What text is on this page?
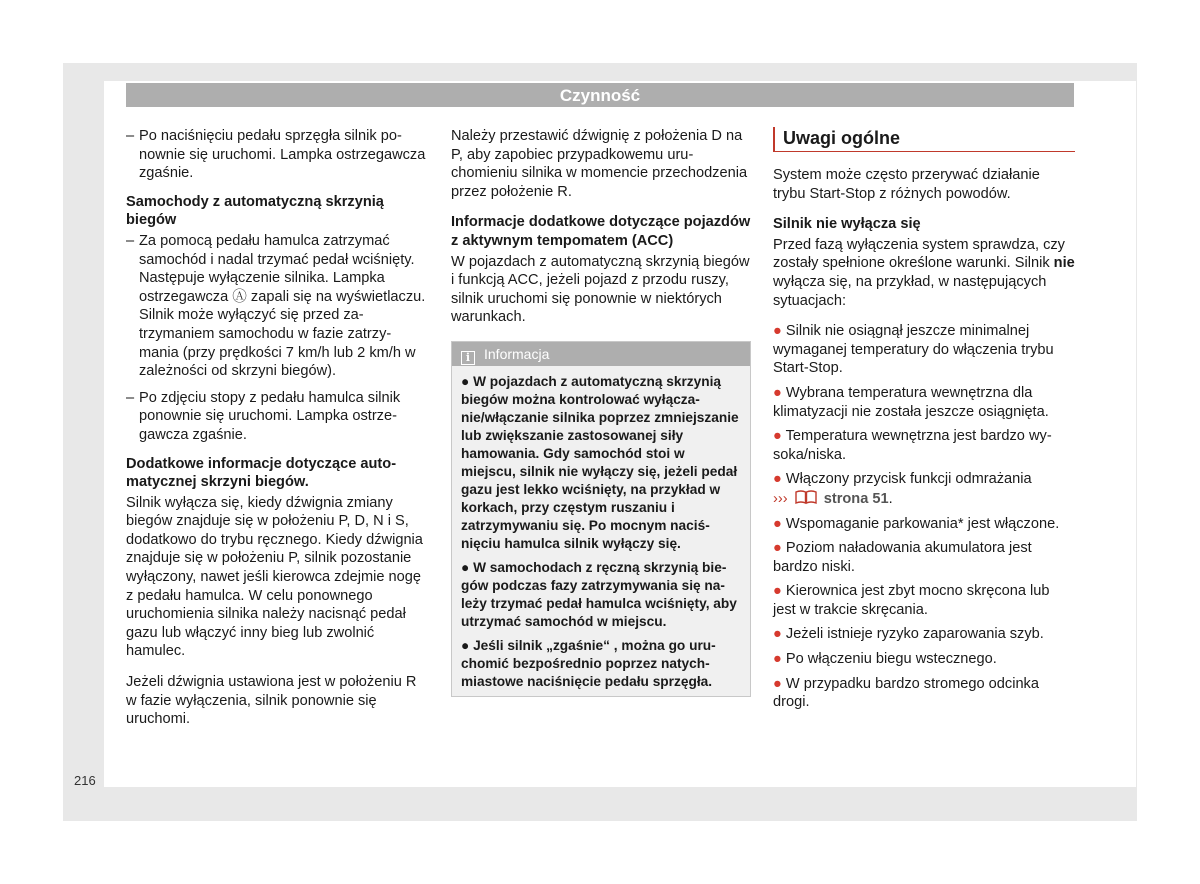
Czynność

– Po naciśnięciu pedału sprzęgła silnik ponownie się uruchomi. Lampka ostrzegawcza zgaśnie.

Samochody z automatyczną skrzynią biegów

– Za pomocą pedału hamulca zatrzymać samochód i nadal trzymać pedał wciśnięty. Następuje wyłączenie silnika. Lampka ostrzegawcza Ⓐ zapali się na wyświetlaczu. Silnik może wyłączyć się przed zatrzymaniem samochodu w fazie zatrzymania (przy prędkości 7 km/h lub 2 km/h w zależności od skrzyni biegów).

– Po zdjęciu stopy z pedału hamulca silnik ponownie się uruchomi. Lampka ostrzegawcza zgaśnie.

Dodatkowe informacje dotyczące automatycznej skrzyni biegów.

Silnik wyłącza się, kiedy dźwignia zmiany biegów znajduje się w położeniu P, D, N i S, dodatkowo do trybu ręcznego. Kiedy dźwignia znajduje się w położeniu P, silnik pozostanie wyłączony, nawet jeśli kierowca zdejmie nogę z pedału hamulca. W celu ponownego uruchomienia silnika należy nacisnąć pedał gazu lub włączyć inny bieg lub zwolnić hamulec.

Jeżeli dźwignia ustawiona jest w położeniu R w fazie wyłączenia, silnik ponownie się uruchomi.

Należy przestawić dźwignię z położenia D na P, aby zapobiec przypadkowemu uruchomieniu silnika w momencie przechodzenia przez położenie R.

Informacje dodatkowe dotyczące pojazdów z aktywnym tempomatem (ACC)

W pojazdach z automatyczną skrzynią biegów i funkcją ACC, jeżeli pojazd z przodu ruszy, silnik uruchomi się ponownie w niektórych warunkach.

i Informacja

● W pojazdach z automatyczną skrzynią biegów można kontrolować wyłączanie/włączanie silnika poprzez zmniejszanie lub zwiększanie zastosowanej siły hamowania. Gdy samochód stoi w miejscu, silnik nie wyłączy się, jeżeli pedał gazu jest lekko wciśnięty, na przykład w korkach, przy częstym ruszaniu i zatrzymywaniu się. Po mocnym naciśnięciu hamulca silnik wyłączy się.

● W samochodach z ręczną skrzynią biegów podczas fazy zatrzymywania się należy trzymać pedał hamulca wciśnięty, aby utrzymać samochód w miejscu.

● Jeśli silnik „zgaśnie“ , można go uruchomić bezpośrednio poprzez natychmiastowe naciśnięcie pedału sprzęgła.

Uwagi ogólne

System może często przerywać działanie trybu Start-Stop z różnych powodów.

Silnik nie wyłącza się

Przed fazą wyłączenia system sprawdza, czy zostały spełnione określone warunki. Silnik nie wyłącza się, na przykład, w następujących sytuacjach:

● Silnik nie osiągnął jeszcze minimalnej wymaganej temperatury do włączenia trybu Start-Stop.

● Wybrana temperatura wewnętrzna dla klimatyzacji nie została jeszcze osiągnięta.

● Temperatura wewnętrzna jest bardzo wysoka/niska.

● Włączony przycisk funkcji odmrażania
››› strona 51.

● Wspomaganie parkowania* jest włączone.

● Poziom naładowania akumulatora jest bardzo niski.

● Kierownica jest zbyt mocno skręcona lub jest w trakcie skręcania.

● Jeżeli istnieje ryzyko zaparowania szyb.

● Po włączeniu biegu wstecznego.

● W przypadku bardzo stromego odcinka drogi.

216
